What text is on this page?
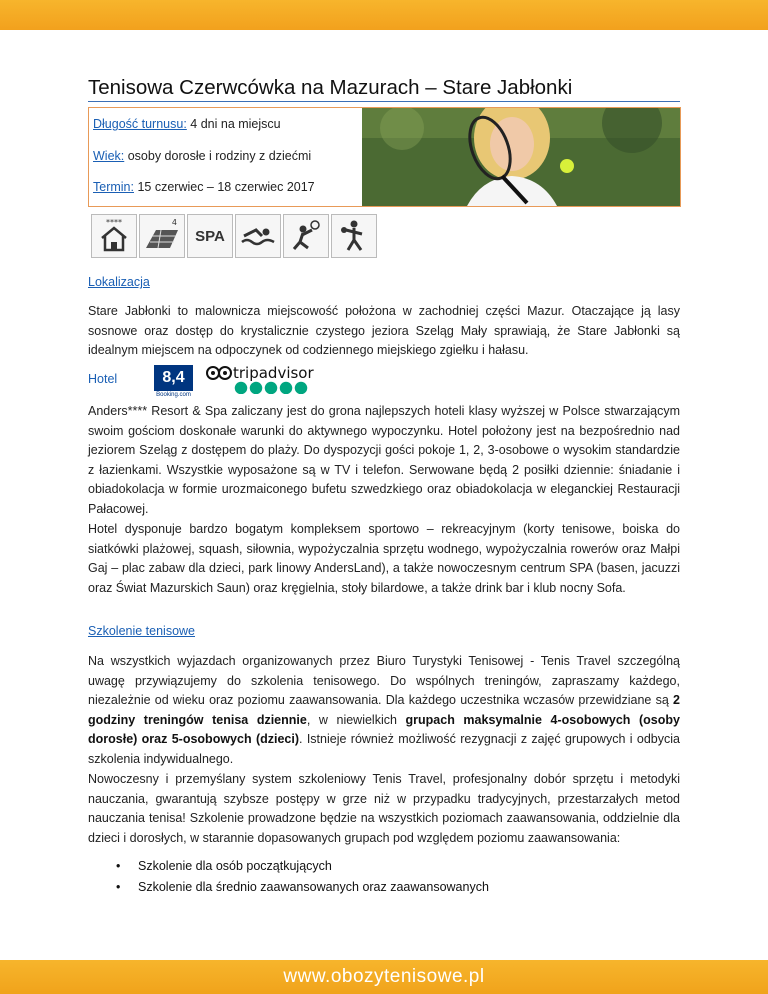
Tenisowa Czerwcówka na Mazurach – Stare Jabłonki
Długość turnusu: 4 dni na miejscu
Wiek: osoby dorosłe i rodziny z dziećmi
Termin: 15 czerwiec – 18 czerwiec 2017
****	4
SPA
Lokalizacja

Stare Jabłonki to malownicza miejscowość położona w zachodniej części Mazur. Otaczające ją lasy sosnowe oraz dostęp do krystalicznie czystego jeziora Szeląg Mały sprawiają, że Stare Jabłonki są idealnym miejscem na odpoczynek od codziennego miejskiego zgiełku i hałasu.

Hotel	8,4
Booking.com
tripadvisor

Anders**** Resort & Spa zaliczany jest do grona najlepszych hoteli klasy wyższej w Polsce stwarzającym swoim gościom doskonałe warunki do aktywnego wypoczynku. Hotel położony jest na bezpośrednio nad jeziorem Szeląg z dostępem do plaży. Do dyspozycji gości pokoje 1, 2, 3-osobowe o wysokim standardzie z łazienkami. Wszystkie wyposażone są w TV i telefon. Serwowane będą 2 posiłki dziennie: śniadanie i obiadokolacja w formie urozmaiconego bufetu szwedzkiego oraz obiadokolacja w eleganckiej Restauracji Pałacowej.

Hotel dysponuje bardzo bogatym kompleksem sportowo – rekreacyjnym (korty tenisowe, boiska do siatkówki plażowej, squash, siłownia, wypożyczalnia sprzętu wodnego, wypożyczalnia rowerów oraz Małpi Gaj – plac zabaw dla dzieci, park linowy AndersLand), a także nowoczesnym centrum SPA (basen, jacuzzi oraz Świat Mazurskich Saun) oraz kręgielnia, stoły bilardowe, a także drink bar i klub nocny Sofa.

Szkolenie tenisowe

Na wszystkich wyjazdach organizowanych przez Biuro Turystyki Tenisowej - Tenis Travel szczególną uwagę przywiązujemy do szkolenia tenisowego. Do wspólnych treningów, zapraszamy każdego, niezależnie od wieku oraz poziomu zaawansowania. Dla każdego uczestnika wczasów przewidziane są 2 godziny treningów tenisa dziennie, w niewielkich grupach maksymalnie 4-osobowych (osoby dorosłe) oraz 5-osobowych (dzieci). Istnieje również możliwość rezygnacji z zajęć grupowych i odbycia szkolenia indywidualnego.

Nowoczesny i przemyślany system szkoleniowy Tenis Travel, profesjonalny dobór sprzętu i metodyki nauczania, gwarantują szybsze postępy w grze niż w przypadku tradycyjnych, przestarzałych metod nauczania tenisa! Szkolenie prowadzone będzie na wszystkich poziomach zaawansowania, oddzielnie dla dzieci i dorosłych, w starannie dopasowanych grupach pod względem poziomu zaawansowania:

• Szkolenie dla osób początkujących
• Szkolenie dla średnio zaawansowanych oraz zaawansowanych
www.obozytenisowe.pl
